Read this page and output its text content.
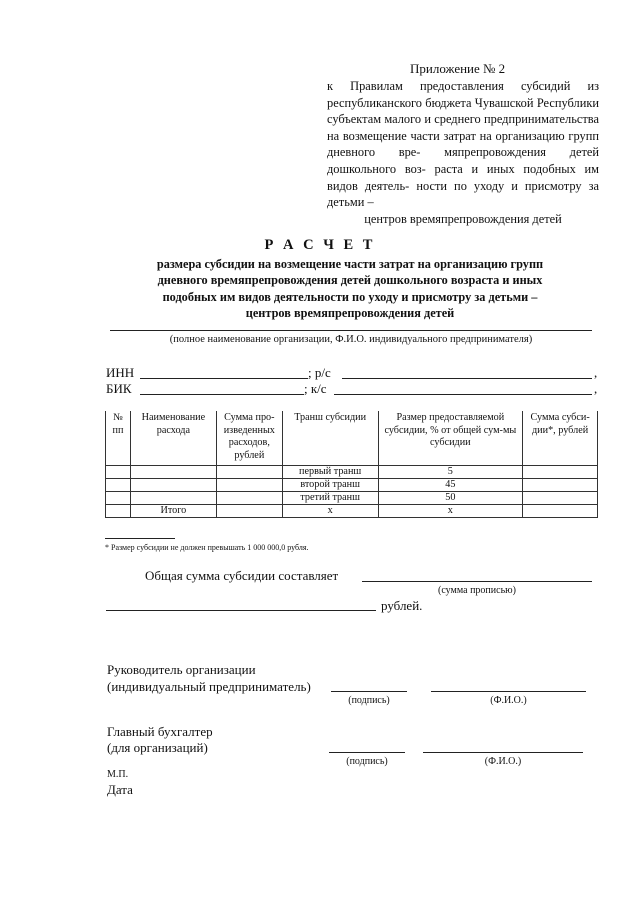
Приложение № 2
к Правилам предоставления субсидий из республиканского бюджета Чувашской Республики субъектам малого и среднего предпринимательства на возмещение части затрат на организацию групп дневного вре- мяпрепровождения детей дошкольного воз- раста и иных подобных им видов деятель- ности по уходу и присмотру за детьми –
центров времяпрепровождения детей
Р А С Ч Е Т
размера субсидии на возмещение части затрат на организацию групп
дневного времяпрепровождения детей дошкольного возраста и иных
подобных им видов деятельности по уходу и присмотру за детьми –
центров времяпрепровождения детей
(полное наименование организации, Ф.И.О. индивидуального предпринимателя)
ИНН	; р/с	,
БИК	; к/с	,
№ пп	Наименование расхода	Сумма про-изведенных расходов, рублей	Транш субсидии	Размер предоставляемой субсидии, % от общей сум-мы субсидии	Сумма субси-дии*, рублей
			первый транш	5	
			второй транш	45	
			третий транш	50	
	Итого		х	х	
* Размер субсидии не должен превышать 1 000 000,0 рубля.
Общая сумма субсидии составляет
(сумма прописью)
рублей.
Руководитель организации
(индивидуальный предприниматель)
(подпись)	(Ф.И.О.)
Главный бухгалтер
(для организаций)
(подпись)	(Ф.И.О.)
М.П.
Дата
